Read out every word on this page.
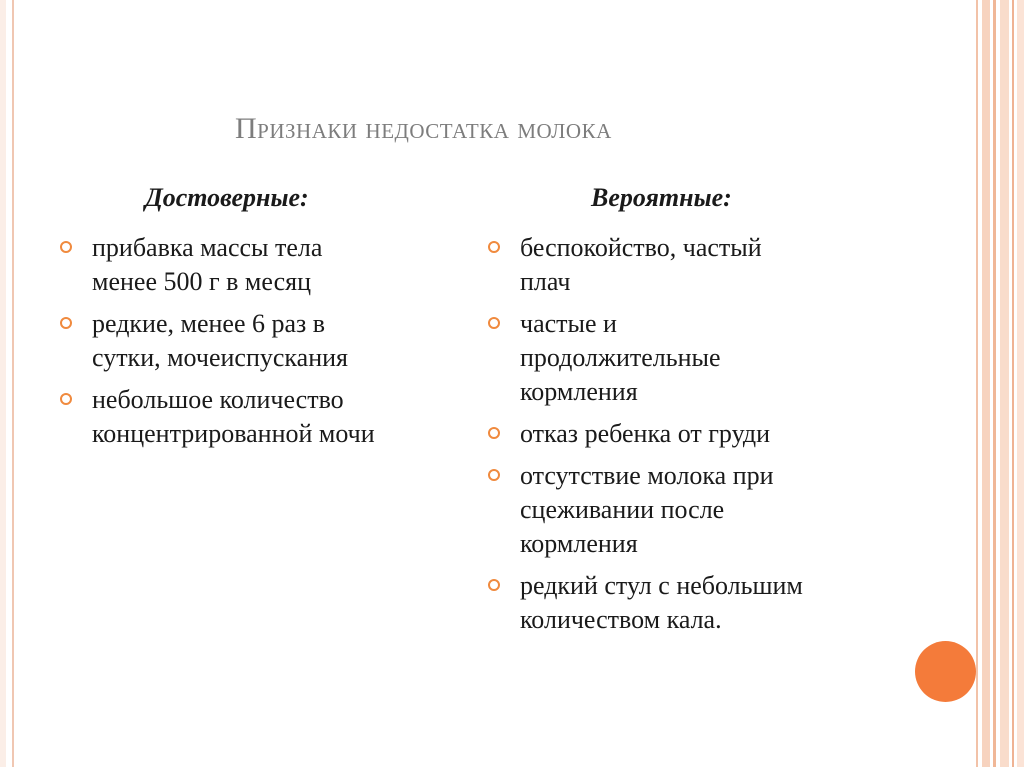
Признаки недостатка молока
Достоверные:	Вероятные:
прибавка массы тела
менее 500 г в месяц
редкие, менее 6 раз в
сутки, мочеиспускания
небольшое количество
концентрированной мочи
беспокойство, частый
плач
частые и
продолжительные
кормления
отказ ребенка от груди
отсутствие молока при
сцеживании после
кормления
редкий стул с небольшим
количеством кала.
